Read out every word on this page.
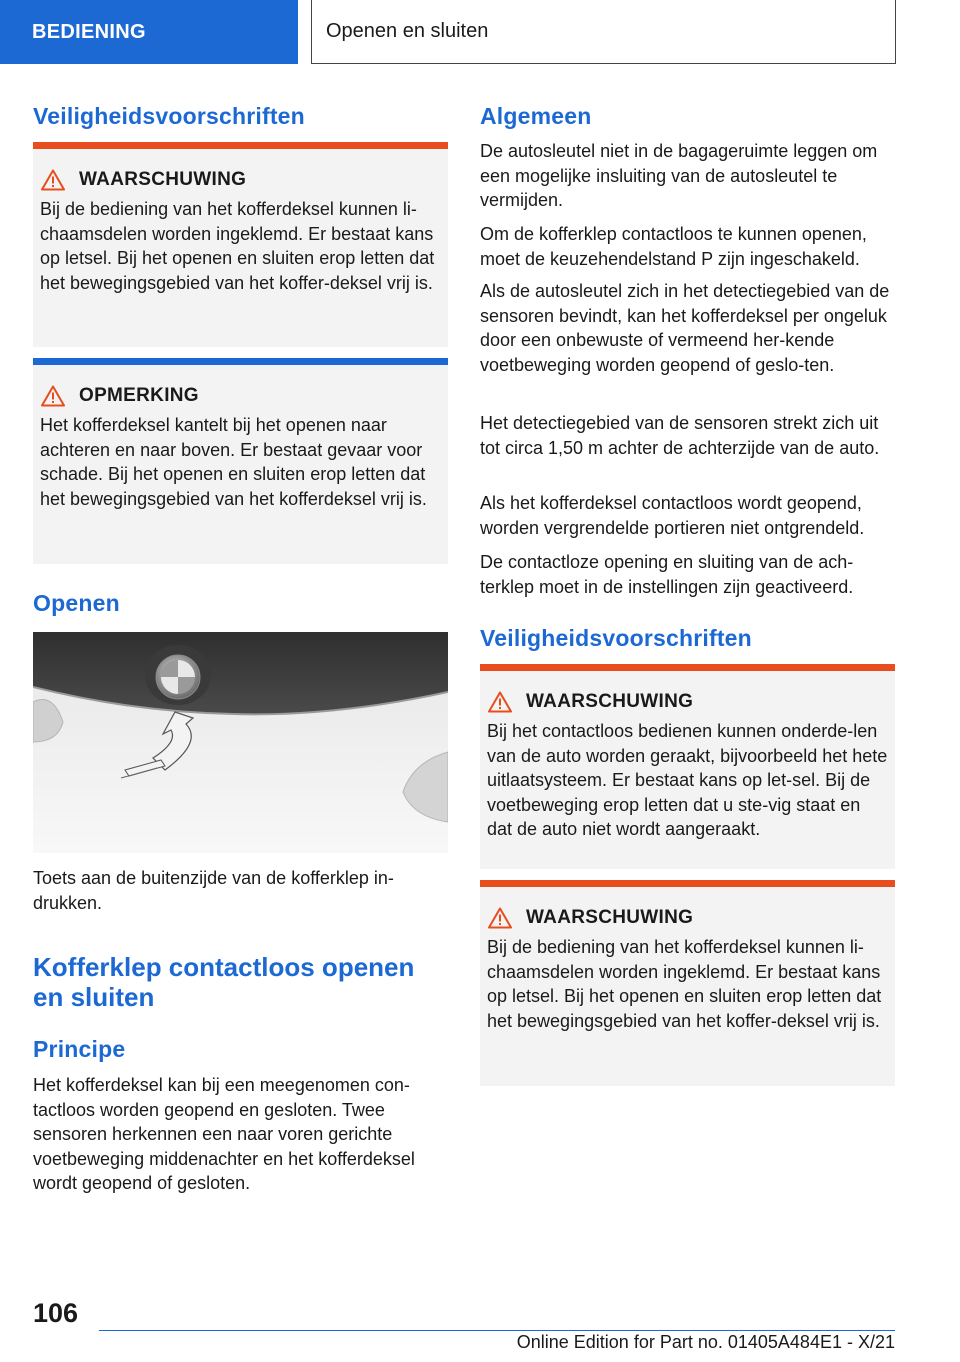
BEDIENING	Openen en sluiten
Veiligheidsvoorschriften
WAARSCHUWING
Bij de bediening van het kofferdeksel kunnen li-chaamsdelen worden ingeklemd. Er bestaat kans op letsel. Bij het openen en sluiten erop letten dat het bewegingsgebied van het koffer-deksel vrij is.
OPMERKING
Het kofferdeksel kantelt bij het openen naar achteren en naar boven. Er bestaat gevaar voor schade. Bij het openen en sluiten erop letten dat het bewegingsgebied van het kofferdeksel vrij is.
Openen

Toets aan de buitenzijde van de kofferklep in-drukken.

Kofferklep contactloos openen en sluiten
Principe

Het kofferdeksel kan bij een meegenomen con-tactloos worden geopend en gesloten. Twee sensoren herkennen een naar voren gerichte voetbeweging middenachter en het kofferdeksel wordt geopend of gesloten.

Algemeen

De autosleutel niet in de bagageruimte leggen om een mogelijke insluiting van de autosleutel te vermijden.

Om de kofferklep contactloos te kunnen openen, moet de keuzehendelstand P zijn ingeschakeld.

Als de autosleutel zich in het detectiegebied van de sensoren bevindt, kan het kofferdeksel per ongeluk door een onbewuste of vermeend her-kende voetbeweging worden geopend of geslo-ten.

Het detectiegebied van de sensoren strekt zich uit tot circa 1,50 m achter de achterzijde van de auto.

Als het kofferdeksel contactloos wordt geopend, worden vergrendelde portieren niet ontgrendeld.

De contactloze opening en sluiting van de ach-terklep moet in de instellingen zijn geactiveerd.

Veiligheidsvoorschriften
WAARSCHUWING
Bij het contactloos bedienen kunnen onderde-len van de auto worden geraakt, bijvoorbeeld het hete uitlaatsysteem. Er bestaat kans op let-sel. Bij de voetbeweging erop letten dat u ste-vig staat en dat de auto niet wordt aangeraakt.
WAARSCHUWING
Bij de bediening van het kofferdeksel kunnen li-chaamsdelen worden ingeklemd. Er bestaat kans op letsel. Bij het openen en sluiten erop letten dat het bewegingsgebied van het koffer-deksel vrij is.
106
Online Edition for Part no. 01405A484E1 - X/21
